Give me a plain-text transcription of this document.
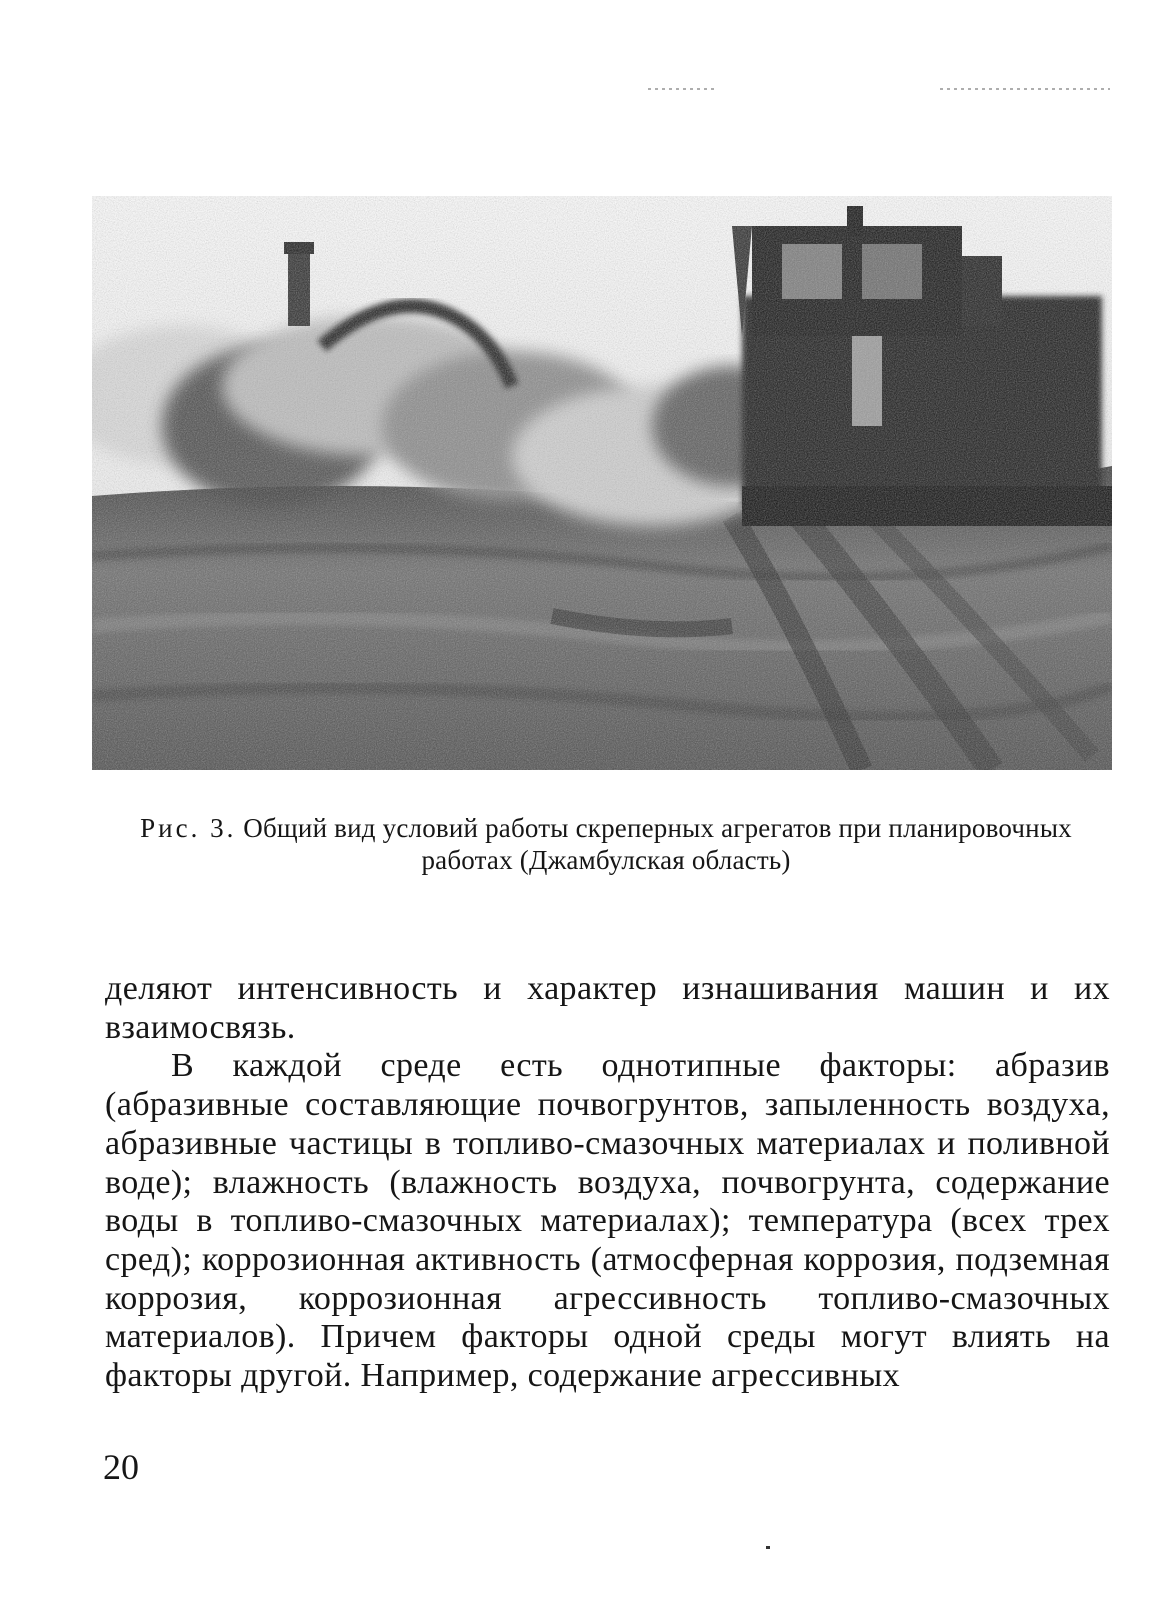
Рис. 3. Общий вид условий работы скреперных агрегатов при планировочных работах (Джамбулская область)

деляют интенсивность и характер изнашивания машин и их взаимосвязь.

В каждой среде есть однотипные факторы: абразив (абразивные составляющие почвогрунтов, запыленность воздуха, абразивные частицы в топливо-смазочных материалах и поливной воде); влажность (влажность воздуха, почвогрунта, содержание воды в топливо-смазочных материалах); температура (всех трех сред); коррозионная активность (атмосферная коррозия, подземная коррозия, коррозионная агрессивность топливо-смазочных материалов). Причем факторы одной среды могут влиять на факторы другой. Например, содержание агрессивных

20
